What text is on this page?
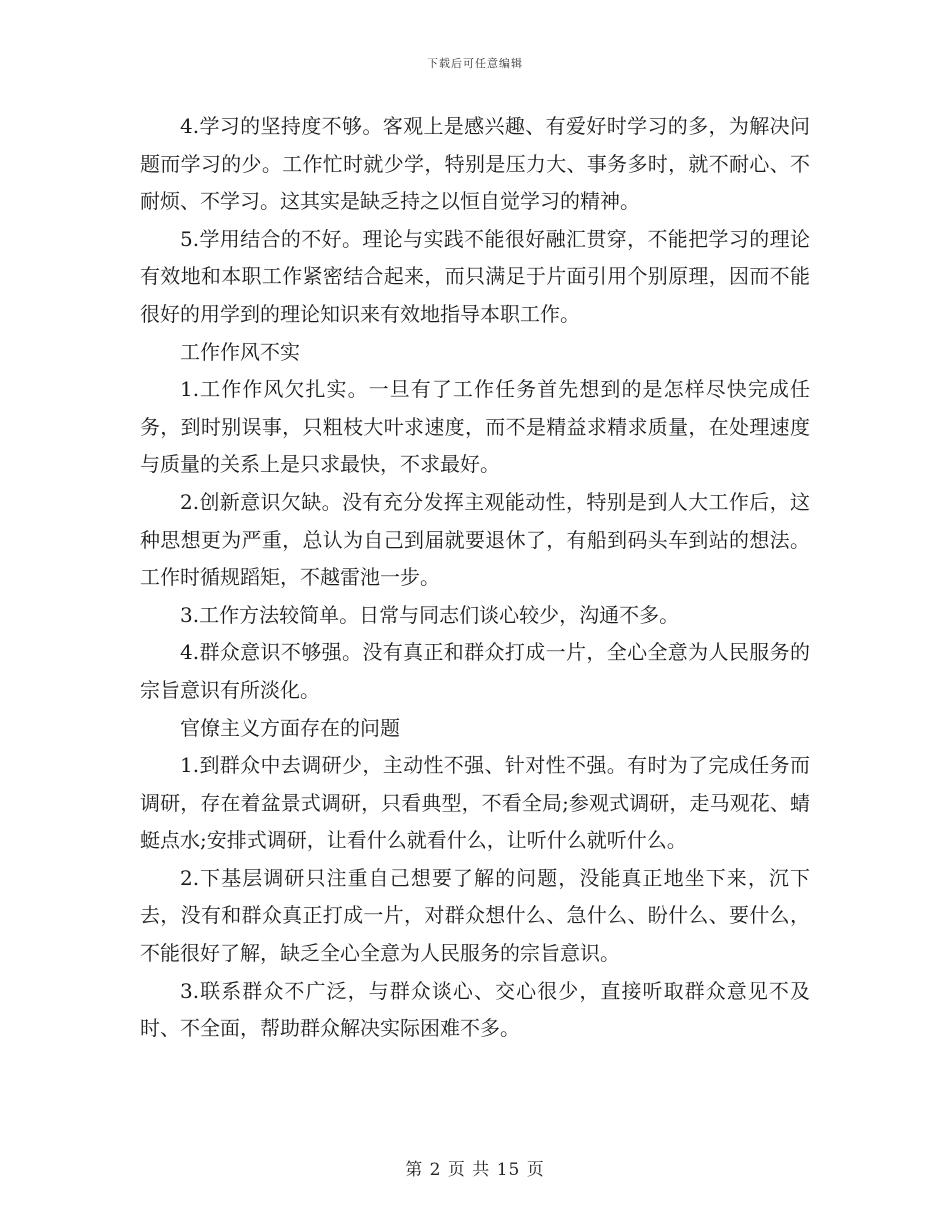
下载后可任意编辑

4.学习的坚持度不够。客观上是感兴趣、有爱好时学习的多，为解决问题而学习的少。工作忙时就少学，特别是压力大、事务多时，就不耐心、不耐烦、不学习。这其实是缺乏持之以恒自觉学习的精神。

5.学用结合的不好。理论与实践不能很好融汇贯穿，不能把学习的理论有效地和本职工作紧密结合起来，而只满足于片面引用个别原理，因而不能很好的用学到的理论知识来有效地指导本职工作。

工作作风不实

1.工作作风欠扎实。一旦有了工作任务首先想到的是怎样尽快完成任务，到时别误事，只粗枝大叶求速度，而不是精益求精求质量，在处理速度与质量的关系上是只求最快，不求最好。

2.创新意识欠缺。没有充分发挥主观能动性，特别是到人大工作后，这种思想更为严重，总认为自己到届就要退休了，有船到码头车到站的想法。工作时循规蹈矩，不越雷池一步。

3.工作方法较简单。日常与同志们谈心较少，沟通不多。

4.群众意识不够强。没有真正和群众打成一片，全心全意为人民服务的宗旨意识有所淡化。

官僚主义方面存在的问题

1.到群众中去调研少，主动性不强、针对性不强。有时为了完成任务而调研，存在着盆景式调研，只看典型，不看全局;参观式调研，走马观花、蜻蜓点水;安排式调研，让看什么就看什么，让听什么就听什么。

2.下基层调研只注重自己想要了解的问题，没能真正地坐下来，沉下去，没有和群众真正打成一片，对群众想什么、急什么、盼什么、要什么，不能很好了解，缺乏全心全意为人民服务的宗旨意识。

3.联系群众不广泛，与群众谈心、交心很少，直接听取群众意见不及时、不全面，帮助群众解决实际困难不多。

第 2 页 共 15 页
